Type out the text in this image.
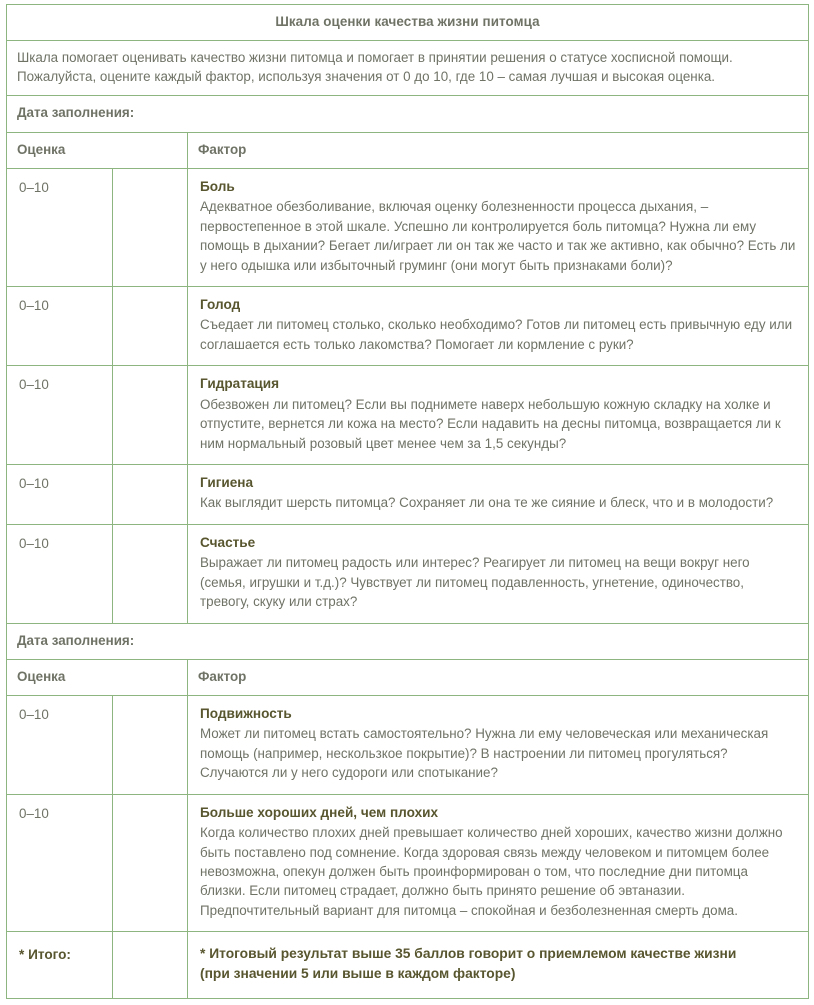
Шкала оценки качества жизни питомца		

Шкала помогает оценивать качество жизни питомца и помогает в принятии решения о статусе хосписной помощи.

Пожалуйста, оцените каждый фактор, используя значения от 0 до 10, где 10 – самая лучшая и высокая оценка.		

Дата заполнения:		
Оценка		Фактор
0–10		Боль
Адекватное обезболивание, включая оценку болезненности процесса дыхания, – первостепенное в этой шкале. Успешно ли контролируется боль питомца? Нужна ли ему помощь в дыхании? Бегает ли/играет ли он так же часто и так же активно, как обычно? Есть ли у него одышка или избыточный груминг (они могут быть признаками боли)?

0–10		Голод
Съедает ли питомец столько, сколько необходимо? Готов ли питомец есть привычную еду или соглашается есть только лакомства? Помогает ли кормление с руки?

0–10		Гидратация
Обезвожен ли питомец? Если вы поднимете наверх небольшую кожную складку на холке и отпустите, вернется ли кожа на место? Если надавить на десны питомца, возвращается ли к ним нормальный розовый цвет менее чем за 1,5 секунды?

0–10		Гигиена
Как выглядит шерсть питомца? Сохраняет ли она те же сияние и блеск, что и в молодости?

0–10		Счастье
Выражает ли питомец радость или интерес? Реагирует ли питомец на вещи вокруг него (семья, игрушки и т.д.)? Чувствует ли питомец подавленность, угнетение, одиночество, тревогу, скуку или страх?

Дата заполнения:		
Оценка		Фактор
0–10		Подвижность
Может ли питомец встать самостоятельно? Нужна ли ему человеческая или механическая помощь (например, нескользкое покрытие)? В настроении ли питомец прогуляться? Случаются ли у него судороги или спотыкание?

0–10		Больше хороших дней, чем плохих
Когда количество плохих дней превышает количество дней хороших, качество жизни должно быть поставлено под сомнение. Когда здоровая связь между человеком и питомцем более невозможна, опекун должен быть проинформирован о том, что последние дни питомца близки. Если питомец страдает, должно быть принято решение об эвтаназии. Предпочтительный вариант для питомца – спокойная и безболезненная смерть дома.

* Итого:		* Итоговый результат выше 35 баллов говорит о приемлемом качестве жизни
(при значении 5 или выше в каждом факторе)
